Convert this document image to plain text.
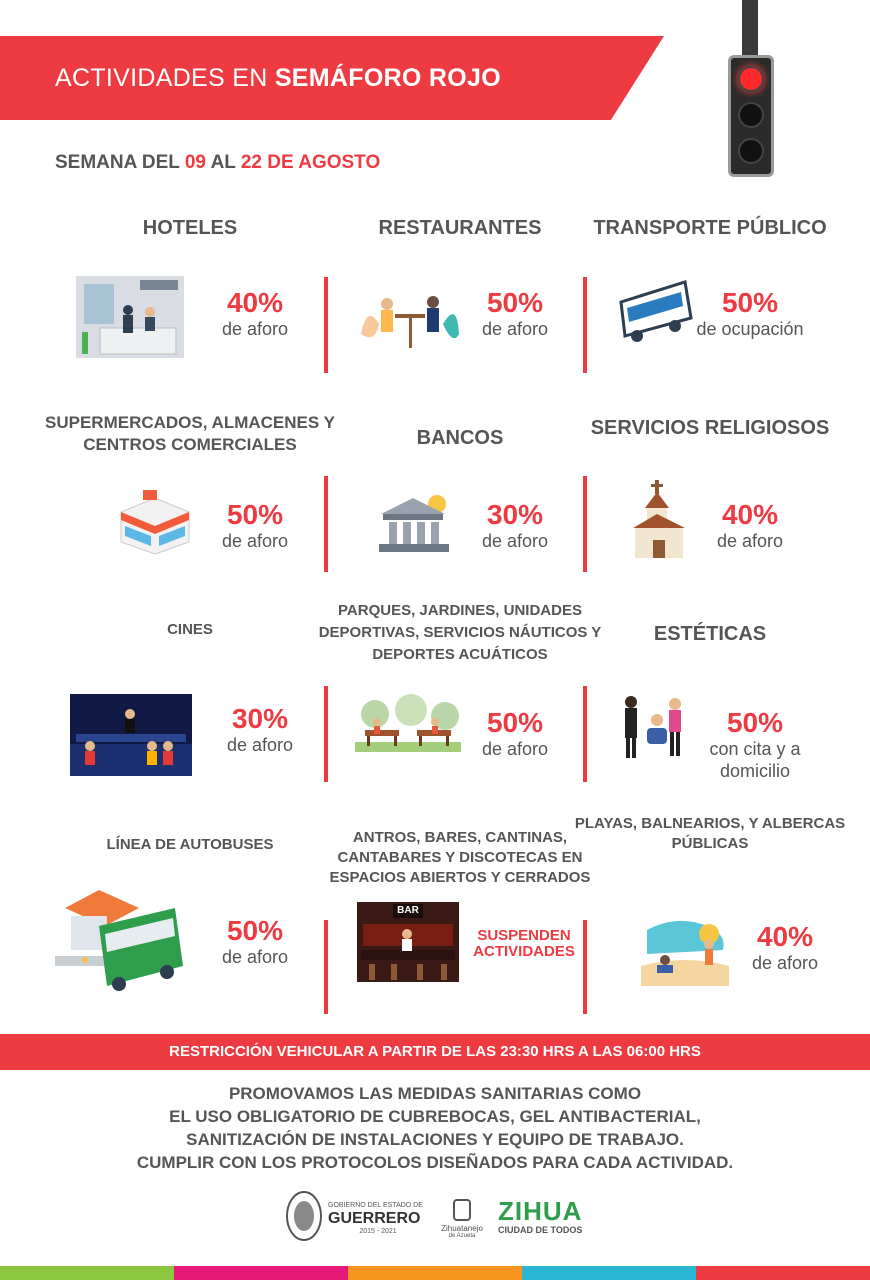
ACTIVIDADES EN SEMÁFORO ROJO
SEMANA DEL 09 AL 22 DE AGOSTO
HOTELES
40%
de aforo
RESTAURANTES
50%
de aforo
TRANSPORTE PÚBLICO
50%
de ocupación
SUPERMERCADOS, ALMACENES Y CENTROS COMERCIALES
50%
de aforo
BANCOS
30%
de aforo
SERVICIOS RELIGIOSOS
40%
de aforo
CINES
30%
de aforo
PARQUES, JARDINES, UNIDADES DEPORTIVAS, SERVICIOS NÁUTICOS Y DEPORTES ACUÁTICOS
50%
de aforo
ESTÉTICAS
50%
con cita y a domicilio
LÍNEA DE AUTOBUSES
50%
de aforo
ANTROS, BARES, CANTINAS, CANTABARES Y DISCOTECAS EN ESPACIOS ABIERTOS Y CERRADOS
BAR
SUSPENDEN ACTIVIDADES
PLAYAS, BALNEARIOS, Y ALBERCAS PÚBLICAS
40%
de aforo
RESTRICCIÓN VEHICULAR A PARTIR DE LAS 23:30 HRS A LAS 06:00 HRS
PROMOVAMOS LAS MEDIDAS SANITARIAS COMO
EL USO OBLIGATORIO DE CUBREBOCAS, GEL ANTIBACTERIAL,
SANITIZACIÓN DE INSTALACIONES Y EQUIPO DE TRABAJO.
CUMPLIR CON LOS PROTOCOLOS DISEÑADOS PARA CADA ACTIVIDAD.
GOBIERNO DEL ESTADO DE
GUERRERO
2015 - 2021	Zihuatanejo
de Azueta
ZIHUA
CIUDAD DE TODOS
